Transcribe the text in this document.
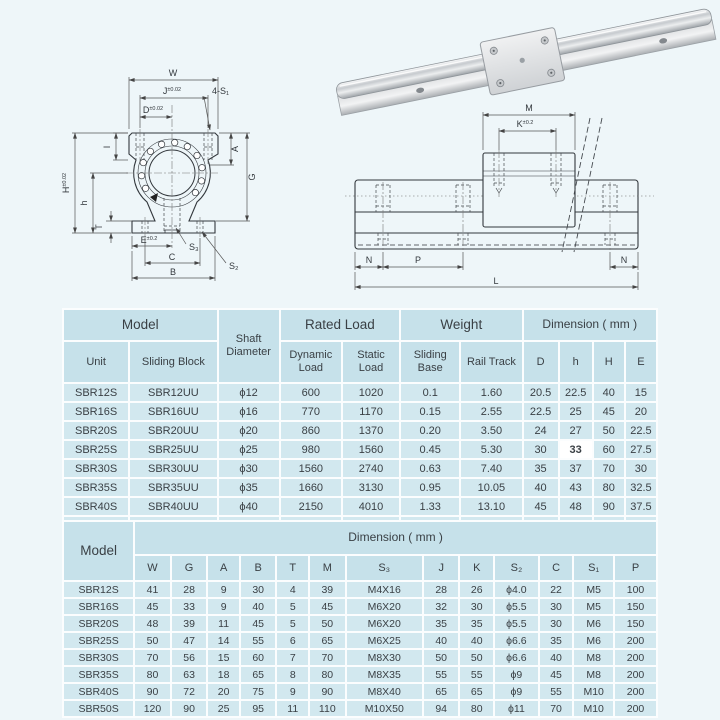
W
$J^{\pm 0.02}$
$D^{\pm 0.02}$
4-S₁
I	A
G
$H^{\pm 0.02}$
h
T
$E^{\pm 0.2}$
C
B
S₃
S₂
M
$K^{\pm 0.2}$
N	P	N
L
Model		Shaft Diameter	Rated Load		Weight		Dimension ( mm )			
Unit	Sliding Block		Dynamic Load	Static Load	Sliding Base	Rail Track	D	h	H	E
SBR12S	SBR12UU	ϕ12	600	1020	0.1	1.60	20.5	22.5	40	15
SBR16S	SBR16UU	ϕ16	770	1170	0.15	2.55	22.5	25	45	20
SBR20S	SBR20UU	ϕ20	860	1370	0.20	3.50	24	27	50	22.5
SBR25S	SBR25UU	ϕ25	980	1560	0.45	5.30	30	33	60	27.5
SBR30S	SBR30UU	ϕ30	1560	2740	0.63	7.40	35	37	70	30
SBR35S	SBR35UU	ϕ35	1660	3130	0.95	10.05	40	43	80	32.5
SBR40S	SBR40UU	ϕ40	2150	4010	1.33	13.10	45	48	90	37.5

Model	Dimension ( mm )												
	W	G	A	B	T	M	S₃	J	K	S₂	C	S₁	P
SBR12S	41	28	9	30	4	39	M4X16	28	26	ϕ4.0	22	M5	100
SBR16S	45	33	9	40	5	45	M6X20	32	30	ϕ5.5	30	M5	150
SBR20S	48	39	11	45	5	50	M6X20	35	35	ϕ5.5	30	M6	150
SBR25S	50	47	14	55	6	65	M6X25	40	40	ϕ6.6	35	M6	200
SBR30S	70	56	15	60	7	70	M8X30	50	50	ϕ6.6	40	M8	200
SBR35S	80	63	18	65	8	80	M8X35	55	55	ϕ9	45	M8	200
SBR40S	90	72	20	75	9	90	M8X40	65	65	ϕ9	55	M10	200
SBR50S	120	90	25	95	11	110	M10X50	94	80	ϕ11	70	M10	200
